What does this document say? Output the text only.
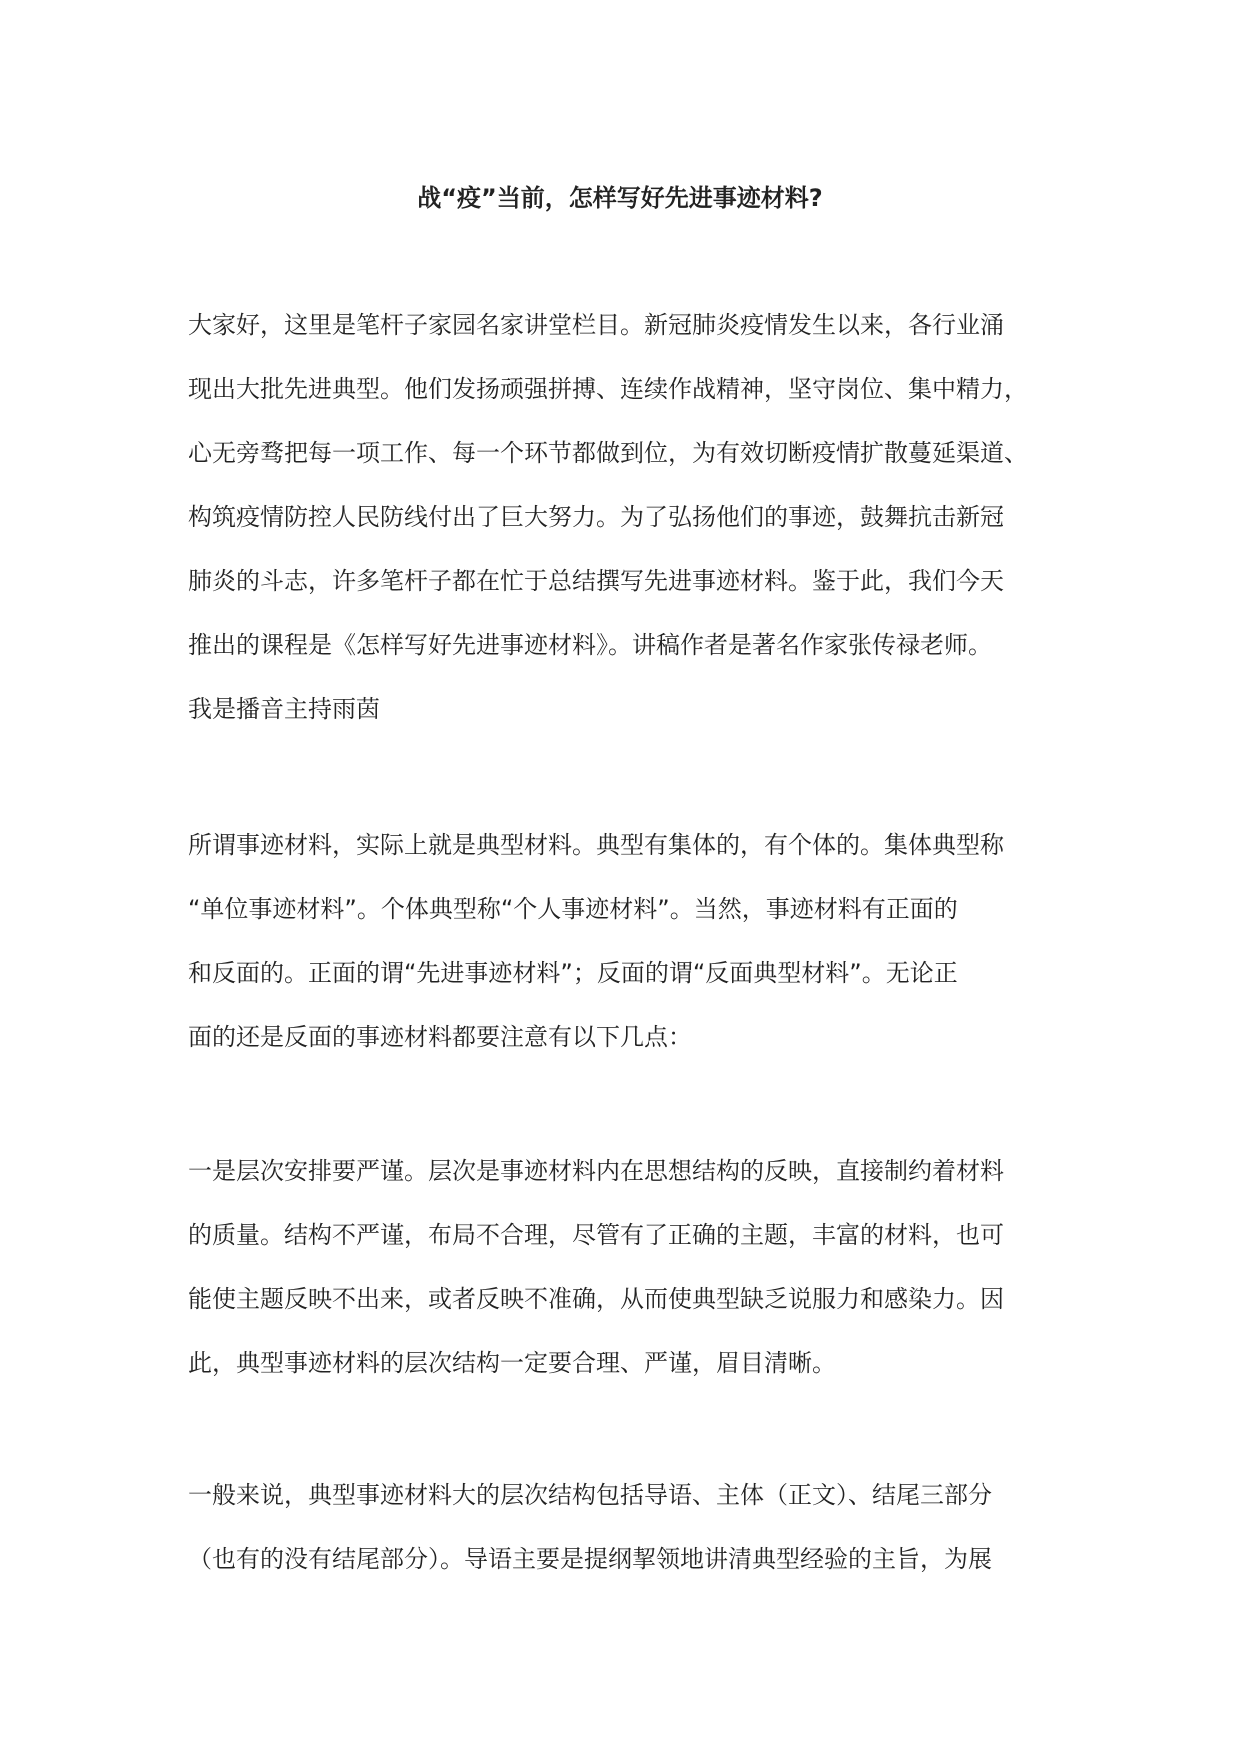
战“疫”当前，怎样写好先进事迹材料?
大家好，这里是笔杆子家园名家讲堂栏目。新冠肺炎疫情发生以来，各行业涌
现出大批先进典型。他们发扬顽强拼搏、连续作战精神，坚守岗位、集中精力，
心无旁骛把每一项工作、每一个环节都做到位，为有效切断疫情扩散蔓延渠道、
构筑疫情防控人民防线付出了巨大努力。为了弘扬他们的事迹，鼓舞抗击新冠
肺炎的斗志，许多笔杆子都在忙于总结撰写先进事迹材料。鉴于此，我们今天
推出的课程是《怎样写好先进事迹材料》。讲稿作者是著名作家张传禄老师。
我是播音主持雨茵
所谓事迹材料，实际上就是典型材料。典型有集体的，有个体的。集体典型称
“单位事迹材料”。个体典型称“个人事迹材料”。当然，事迹材料有正面的
和反面的。正面的谓“先进事迹材料”；反面的谓“反面典型材料”。无论正
面的还是反面的事迹材料都要注意有以下几点：
一是层次安排要严谨。层次是事迹材料内在思想结构的反映，直接制约着材料
的质量。结构不严谨，布局不合理，尽管有了正确的主题，丰富的材料，也可
能使主题反映不出来，或者反映不准确，从而使典型缺乏说服力和感染力。因
此，典型事迹材料的层次结构一定要合理、严谨，眉目清晰。
一般来说，典型事迹材料大的层次结构包括导语、主体（正文）、结尾三部分
（也有的没有结尾部分）。导语主要是提纲挈领地讲清典型经验的主旨，为展
